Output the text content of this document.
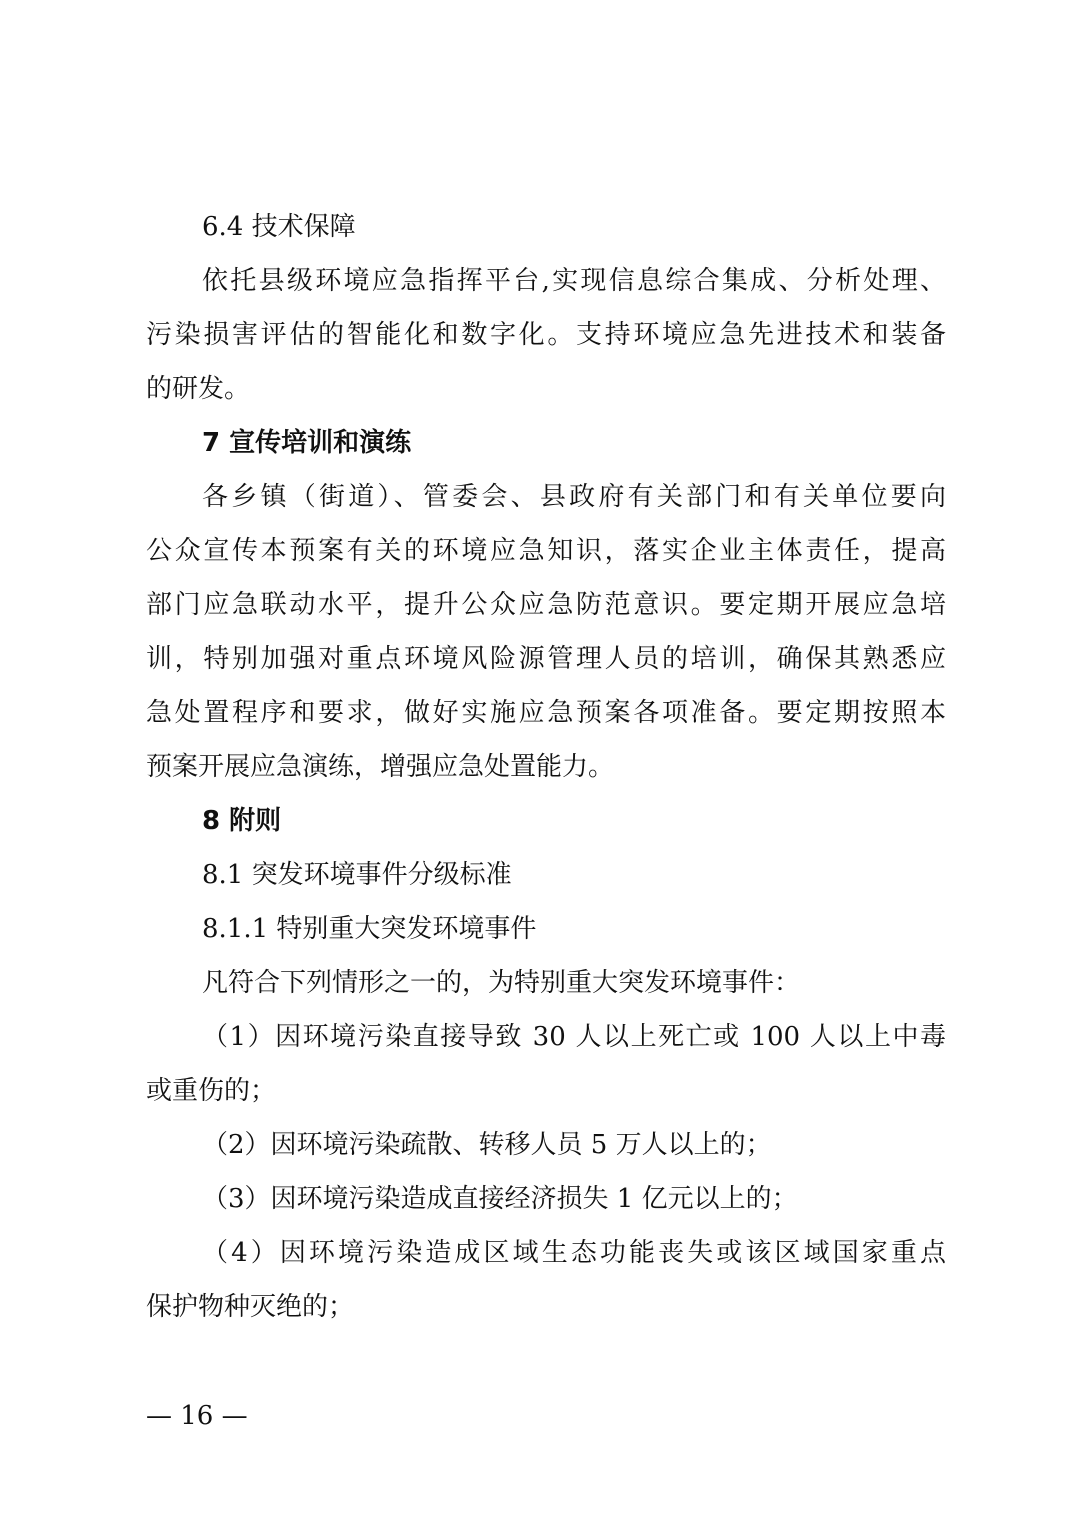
6.4 技术保障
依托县级环境应急指挥平台,实现信息综合集成、分析处理、
污染损害评估的智能化和数字化。支持环境应急先进技术和装备
的研发。
7 宣传培训和演练
各乡镇（街道）、管委会、县政府有关部门和有关单位要向
公众宣传本预案有关的环境应急知识，落实企业主体责任，提高
部门应急联动水平，提升公众应急防范意识。要定期开展应急培
训，特别加强对重点环境风险源管理人员的培训，确保其熟悉应
急处置程序和要求，做好实施应急预案各项准备。要定期按照本
预案开展应急演练，增强应急处置能力。
8 附则
8.1 突发环境事件分级标准
8.1.1 特别重大突发环境事件
凡符合下列情形之一的，为特别重大突发环境事件：
（1）因环境污染直接导致 30 人以上死亡或 100 人以上中毒
或重伤的；
（2）因环境污染疏散、转移人员 5 万人以上的；
（3）因环境污染造成直接经济损失 1 亿元以上的；
（4）因环境污染造成区域生态功能丧失或该区域国家重点
保护物种灭绝的；
— 16 —
